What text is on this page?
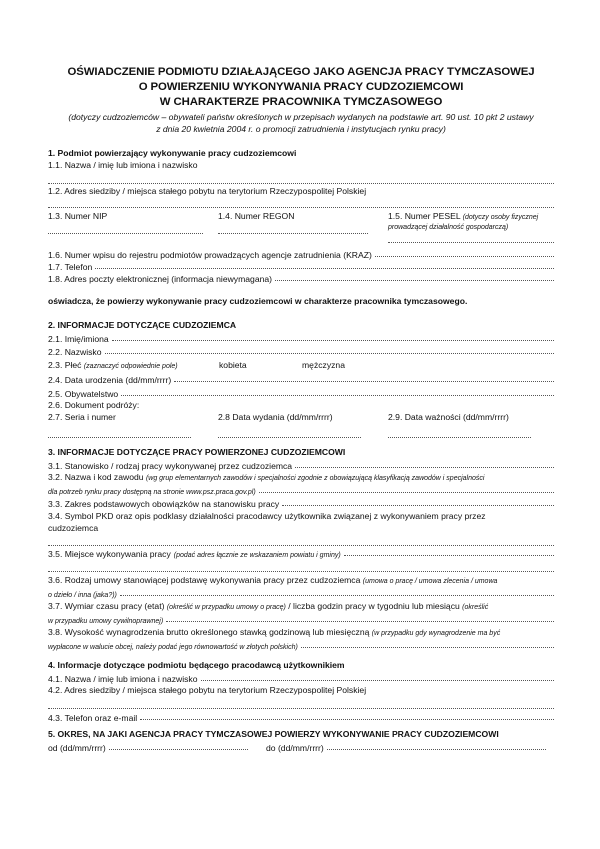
OŚWIADCZENIE PODMIOTU DZIAŁAJĄCEGO JAKO AGENCJA PRACY TYMCZASOWEJ
O POWIERZENIU WYKONYWANIA PRACY CUDZOZIEMCOWI
W CHARAKTERZE PRACOWNIKA TYMCZASOWEGO
(dotyczy cudzoziemców – obywateli państw określonych w przepisach wydanych na podstawie art. 90 ust. 10 pkt 2 ustawy
z dnia 20 kwietnia 2004 r. o promocji zatrudnienia i instytucjach rynku pracy)
1. Podmiot powierzający wykonywanie pracy cudzoziemcowi
1.1. Nazwa / imię lub imiona i nazwisko
1.2. Adres siedziby / miejsca stałego pobytu na terytorium Rzeczypospolitej Polskiej
1.3. Numer NIP	1.4. Numer REGON	1.5. Numer PESEL (dotyczy osoby fizycznej
prowadzącej działalność gospodarczą)
1.6. Numer wpisu do rejestru podmiotów prowadzących agencje zatrudnienia (KRAZ)
1.7. Telefon
1.8. Adres poczty elektronicznej (informacja niewymagana)
oświadcza, że powierzy wykonywanie pracy cudzoziemcowi w charakterze pracownika tymczasowego.
2. INFORMACJE DOTYCZĄCE CUDZOZIEMCA
2.1. Imię/imiona
2.2. Nazwisko
2.3. Płeć (zaznaczyć odpowiednie pole)	kobieta	mężczyzna
2.4. Data urodzenia (dd/mm/rrrr)
2.5. Obywatelstwo
2.6. Dokument podróży:
2.7. Seria i numer	2.8 Data wydania (dd/mm/rrrr)	2.9. Data ważności (dd/mm/rrrr)
3. INFORMACJE DOTYCZĄCE PRACY POWIERZONEJ CUDZOZIEMCOWI
3.1. Stanowisko / rodzaj pracy wykonywanej przez cudzoziemca
3.2. Nazwa i kod zawodu (wg grup elementarnych zawodów i specjalności zgodnie z obowiązującą klasyfikacją zawodów i specjalności
dla potrzeb rynku pracy dostępną na stronie www.psz.praca.gov.pl)
3.3. Zakres podstawowych obowiązków na stanowisku pracy
3.4. Symbol PKD oraz opis podklasy działalności pracodawcy użytkownika związanej z wykonywaniem pracy przez
cudzoziemca
3.5. Miejsce wykonywania pracy (podać adres łącznie ze wskazaniem powiatu i gminy)
3.6. Rodzaj umowy stanowiącej podstawę wykonywania pracy przez cudzoziemca (umowa o pracę / umowa zlecenia / umowa
o dzieło / inna (jaka?))
3.7. Wymiar czasu pracy (etat) (określić w przypadku umowy o pracę) / liczba godzin pracy w tygodniu lub miesiącu (określić
w przypadku umowy cywilnoprawnej)
3.8. Wysokość wynagrodzenia brutto określonego stawką godzinową lub miesięczną (w przypadku gdy wynagrodzenie ma być
wypłacone w walucie obcej, należy podać jego równowartość w złotych polskich)
4. Informacje dotyczące podmiotu będącego pracodawcą użytkownikiem
4.1. Nazwa / imię lub imiona i nazwisko
4.2. Adres siedziby / miejsca stałego pobytu na terytorium Rzeczypospolitej Polskiej
4.3. Telefon oraz e-mail
5. OKRES, NA JAKI AGENCJA PRACY TYMCZASOWEJ POWIERZY WYKONYWANIE PRACY CUDZOZIEMCOWI
od (dd/mm/rrrr)	do (dd/mm/rrrr)
